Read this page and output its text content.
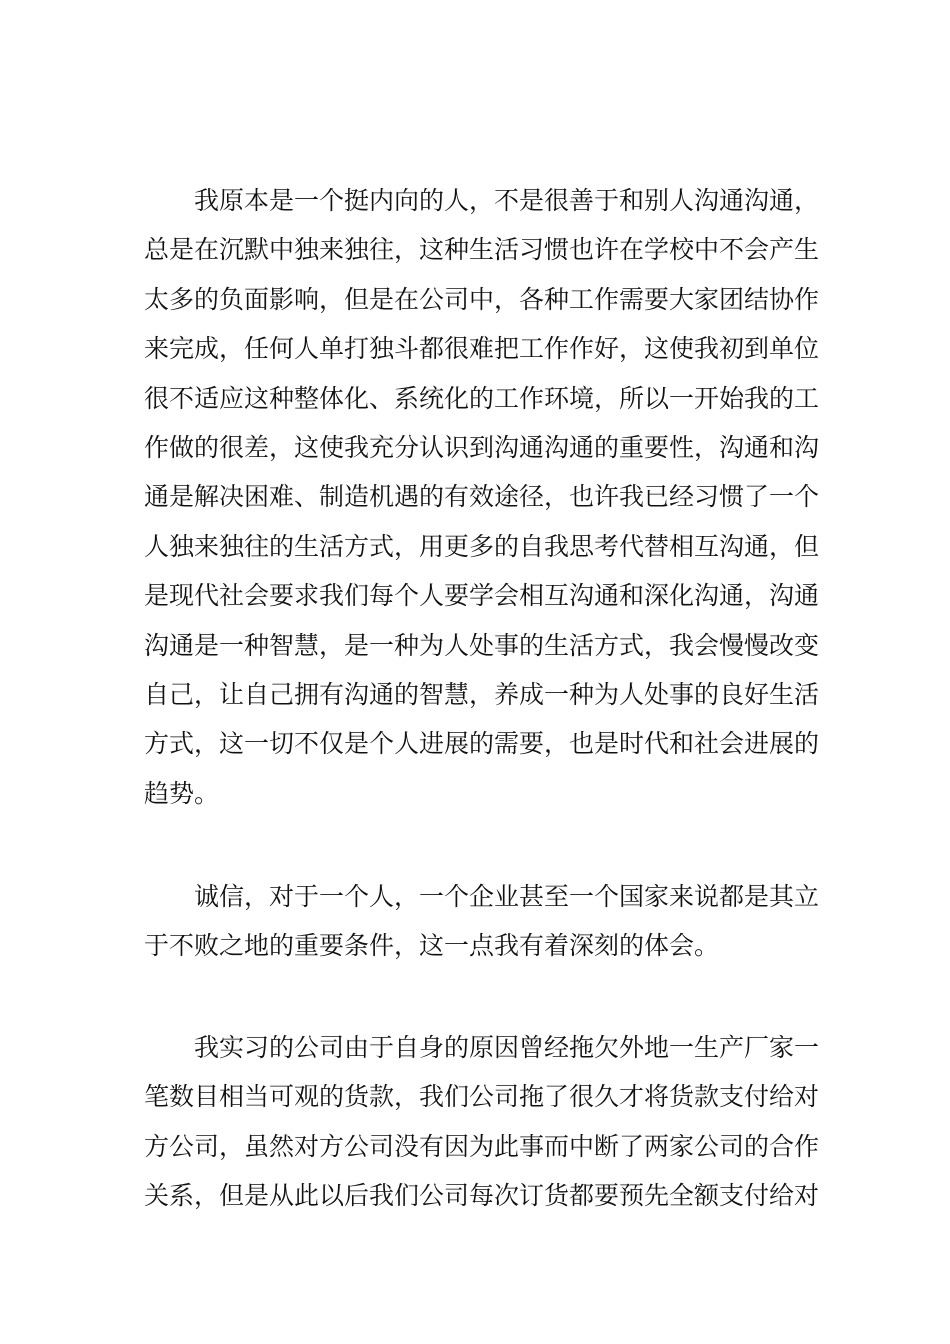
　　我原本是一个挺内向的人，不是很善于和别人沟通沟通，
总是在沉默中独来独往，这种生活习惯也许在学校中不会产生
太多的负面影响，但是在公司中，各种工作需要大家团结协作
来完成，任何人单打独斗都很难把工作作好，这使我初到单位
很不适应这种整体化、系统化的工作环境，所以一开始我的工
作做的很差，这使我充分认识到沟通沟通的重要性，沟通和沟
通是解决困难、制造机遇的有效途径，也许我已经习惯了一个
人独来独往的生活方式，用更多的自我思考代替相互沟通，但
是现代社会要求我们每个人要学会相互沟通和深化沟通，沟通
沟通是一种智慧，是一种为人处事的生活方式，我会慢慢改变
自己，让自己拥有沟通的智慧，养成一种为人处事的良好生活
方式，这一切不仅是个人进展的需要，也是时代和社会进展的
趋势。
　　诚信，对于一个人，一个企业甚至一个国家来说都是其立
于不败之地的重要条件，这一点我有着深刻的体会。
　　我实习的公司由于自身的原因曾经拖欠外地一生产厂家一
笔数目相当可观的货款，我们公司拖了很久才将货款支付给对
方公司，虽然对方公司没有因为此事而中断了两家公司的合作
关系，但是从此以后我们公司每次订货都要预先全额支付给对
